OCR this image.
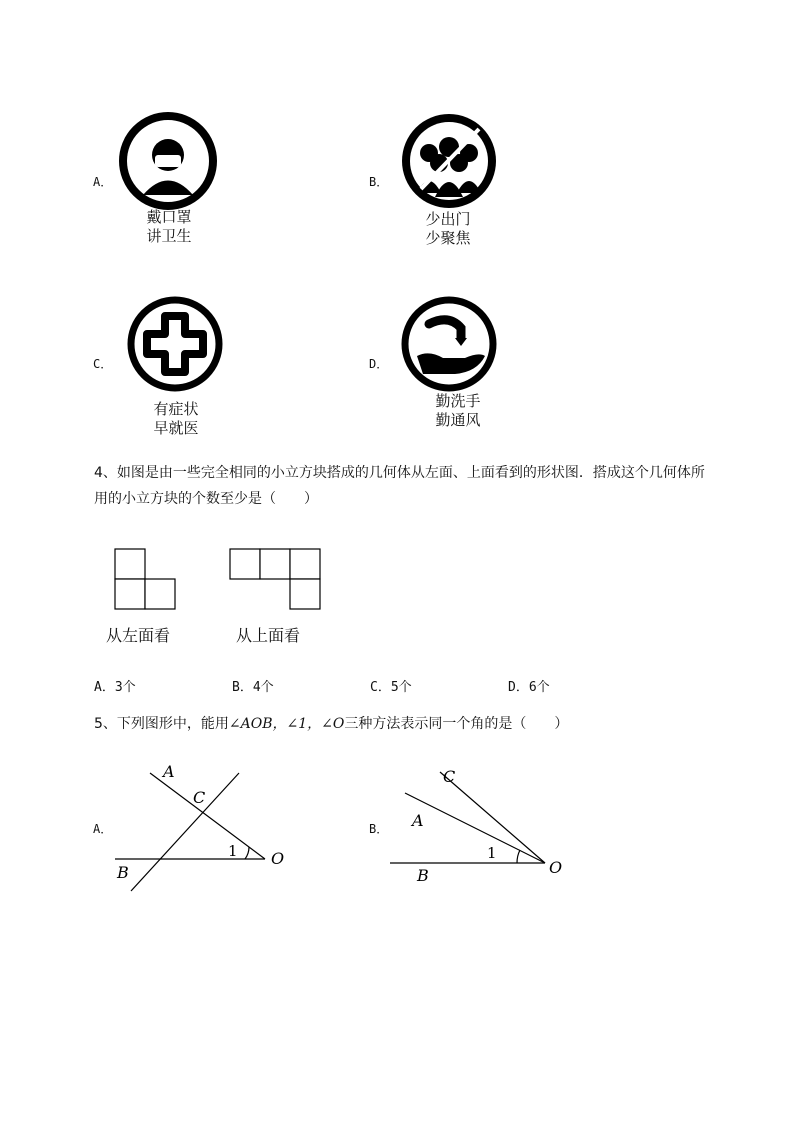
A．
戴口罩
讲卫生
B．
少出门
少聚焦
C．
有症状
早就医
D．
勤洗手
勤通风
4、如图是由一些完全相同的小立方块搭成的几何体从左面、上面看到的形状图．搭成这个几何体所
用的小立方块的个数至少是（　　）
从左面看	从上面看
A．3个	B．4个	C．5个	D．6个
5、下列图形中，能用∠AOB，∠1，∠O三种方法表示同一个角的是（　　）
A．
A
C
1 O
B
B．
C
A
1
O
B
